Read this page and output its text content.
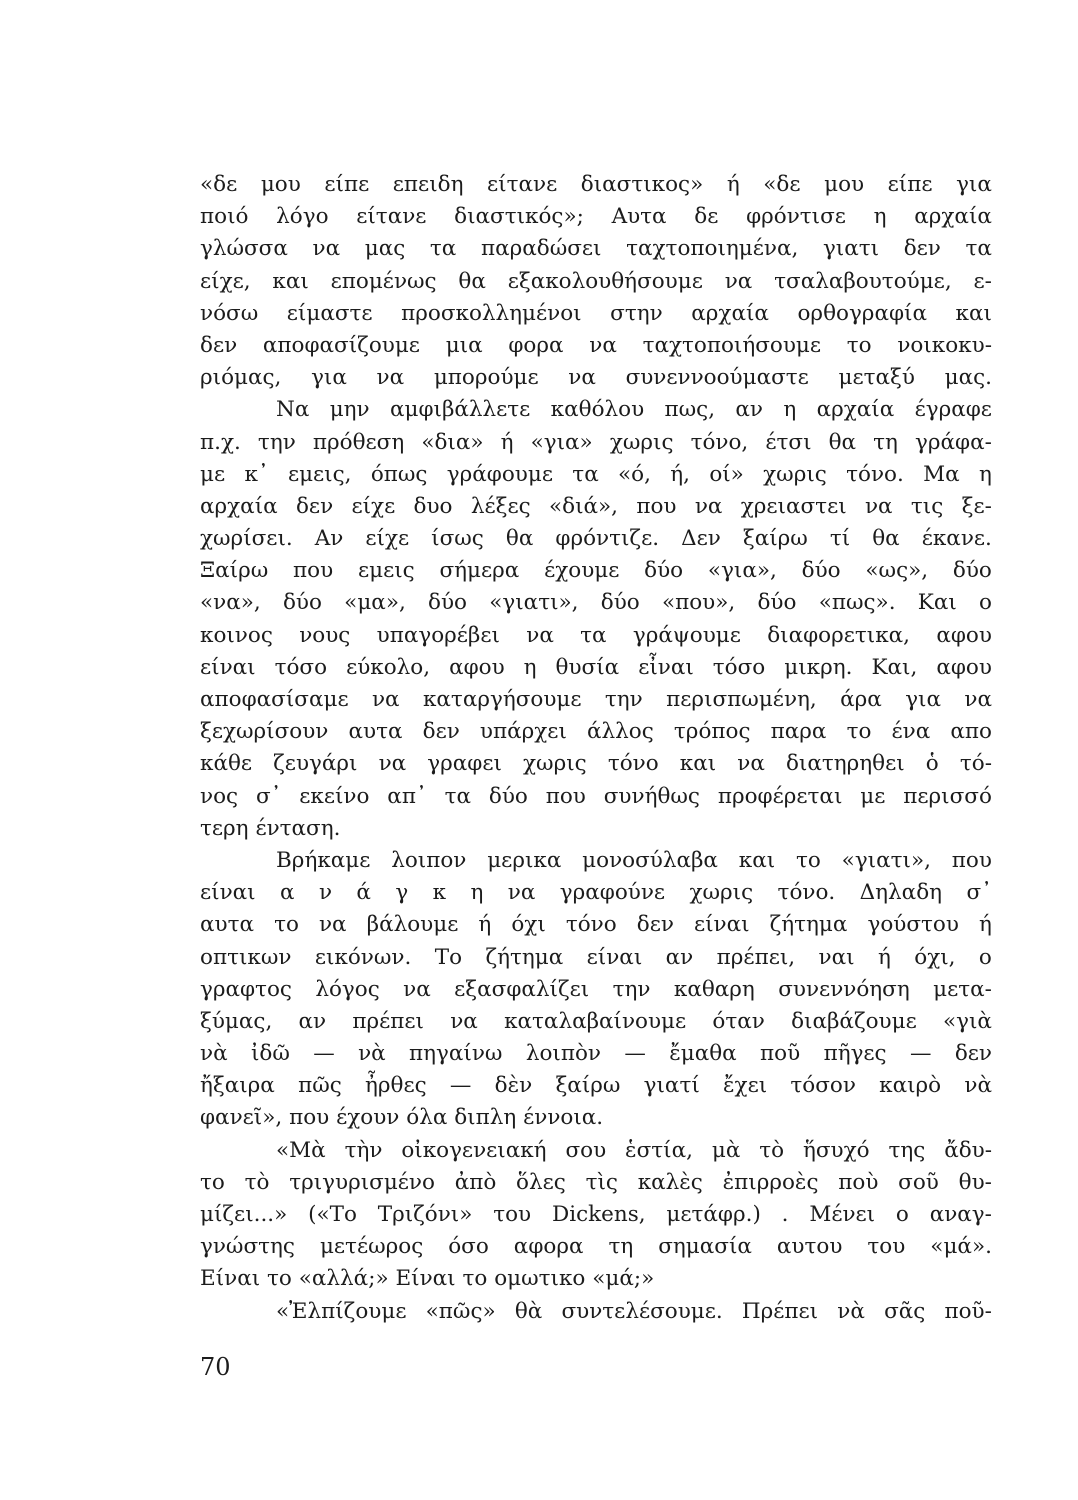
«δε μου είπε επειδη είτανε διαστικος» ή «δε μου είπε για
ποιό λόγο είτανε διαστικός»; Αυτα δε φρόντισε η αρχαία
γλώσσα να μας τα παραδώσει ταχτοποιημένα, γιατι δεν τα
είχε, και επομένως θα εξακολουθήσουμε να τσαλαβουτούμε, ε-
νόσω είμαστε προσκολλημένοι στην αρχαία ορθογραφία και
δεν αποφασίζουμε μια φορα να ταχτοποιήσουμε το νοικοκυ-
ριόμας, για να μπορούμε να συνεννοούμαστε μεταξύ μας.
Να μην αμφιβάλλετε καθόλου πως, αν η αρχαία έγραφε
π.χ. την πρόθεση «δια» ή «για» χωρις τόνο, έτσι θα τη γράφα-
με κ᾽ εμεις, όπως γράφουμε τα «ό, ή, οί» χωρις τόνο. Μα η
αρχαία δεν είχε δυο λέξες «διά», που να χρειαστει να τις ξε-
χωρίσει. Αν είχε ίσως θα φρόντιζε. Δεν ξαίρω τί θα έκανε.
Ξαίρω που εμεις σήμερα έχουμε δύο «για», δύο «ως», δύο
«να», δύο «μα», δύο «γιατι», δύο «που», δύο «πως». Και ο
κοινος νους υπαγορέβει να τα γράψουμε διαφορετικα, αφου
είναι τόσο εύκολο, αφου η θυσία εἶναι τόσο μικρη. Και, αφου
αποφασίσαμε να καταργήσουμε την περισπωμένη, άρα για να
ξεχωρίσουν αυτα δεν υπάρχει άλλος τρόπος παρα το ένα απο
κάθε ζευγάρι να γραφει χωρις τόνο και να διατηρηθει ὁ τό-
νος σ᾽ εκείνο απ᾽ τα δύο που συνήθως προφέρεται με περισσό
τερη ένταση.
Βρήκαμε λοιπον μερικα μονοσύλαβα και το «γιατι», που
είναι α ν ά γ κ η να γραφούνε χωρις τόνο. Δηλαδη σ᾽
αυτα το να βάλουμε ή όχι τόνο δεν είναι ζήτημα γούστου ή
οπτικων εικόνων. Το ζήτημα είναι αν πρέπει, ναι ή όχι, ο
γραφτος λόγος να εξασφαλίζει την καθαρη συνεννόηση μετα-
ξύμας, αν πρέπει να καταλαβαίνουμε όταν διαβάζουμε «γιὰ
νὰ ἰδῶ — νὰ πηγαίνω λοιπὸν — ἔμαθα ποῦ πῆγες — δεν
ἤξαιρα πῶς ἦρθες — δὲν ξαίρω γιατί ἔχει τόσον καιρὸ νὰ
φανεῖ», που έχουν όλα διπλη έννοια.
«Μὰ τὴν οἰκογενειακή σου ἑστία, μὰ τὸ ἥσυχό της ἄδυ-
το τὸ τριγυρισμένο ἀπὸ ὅλες τὶς καλὲς ἐπιρροὲς ποὺ σοῦ θυ-
μίζει...» («Το Τριζόνι» του Dickens, μετάφρ.) . Μένει ο αναγ-
γνώστης μετέωρος όσο αφορα τη σημασία αυτου του «μά».
Είναι το «αλλά;» Είναι το ομωτικο «μά;»
«Ἐλπίζουμε «πῶς» θὰ συντελέσουμε. Πρέπει νὰ σᾶς ποῦ-
70
